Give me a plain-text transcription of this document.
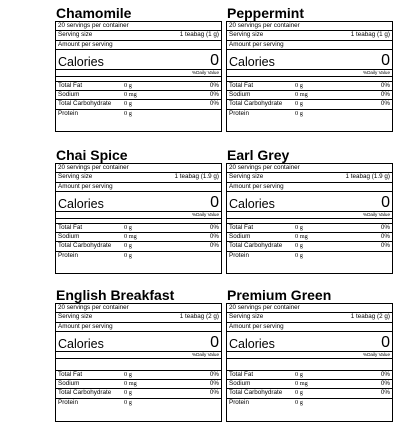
Chamomile
20 servings per container
Serving size	1 teabag (1 g)
Amount per serving
Calories	0
%Daily Value
Total Fat	0 g	0%
Sodium	0 mg	0%
Total Carbohydrate	0 g	0%
Protein	0 g
Peppermint
20 servings per container
Serving size	1 teabag (1 g)
Amount per serving
Calories	0
%Daily Value
Total Fat	0 g	0%
Sodium	0 mg	0%
Total Carbohydrate	0 g	0%
Protein	0 g
Chai Spice
20 servings per container
Serving size	1 teabag (1.9 g)
Amount per serving
Calories	0
%Daily Value
Total Fat	0 g	0%
Sodium	0 mg	0%
Total Carbohydrate	0 g	0%
Protein	0 g
Earl Grey
20 servings per container
Serving size	1 teabag (1.9 g)
Amount per serving
Calories	0
%Daily Value
Total Fat	0 g	0%
Sodium	0 mg	0%
Total Carbohydrate	0 g	0%
Protein	0 g
English Breakfast
20 servings per container
Serving size	1 teabag (2 g)
Amount per serving
Calories	0
%Daily Value
Total Fat	0 g	0%
Sodium	0 mg	0%
Total Carbohydrate	0 g	0%
Protein	0 g
Premium Green
20 servings per container
Serving size	1 teabag (2 g)
Amount per serving
Calories	0
%Daily Value
Total Fat	0 g	0%
Sodium	0 mg	0%
Total Carbohydrate	0 g	0%
Protein	0 g
